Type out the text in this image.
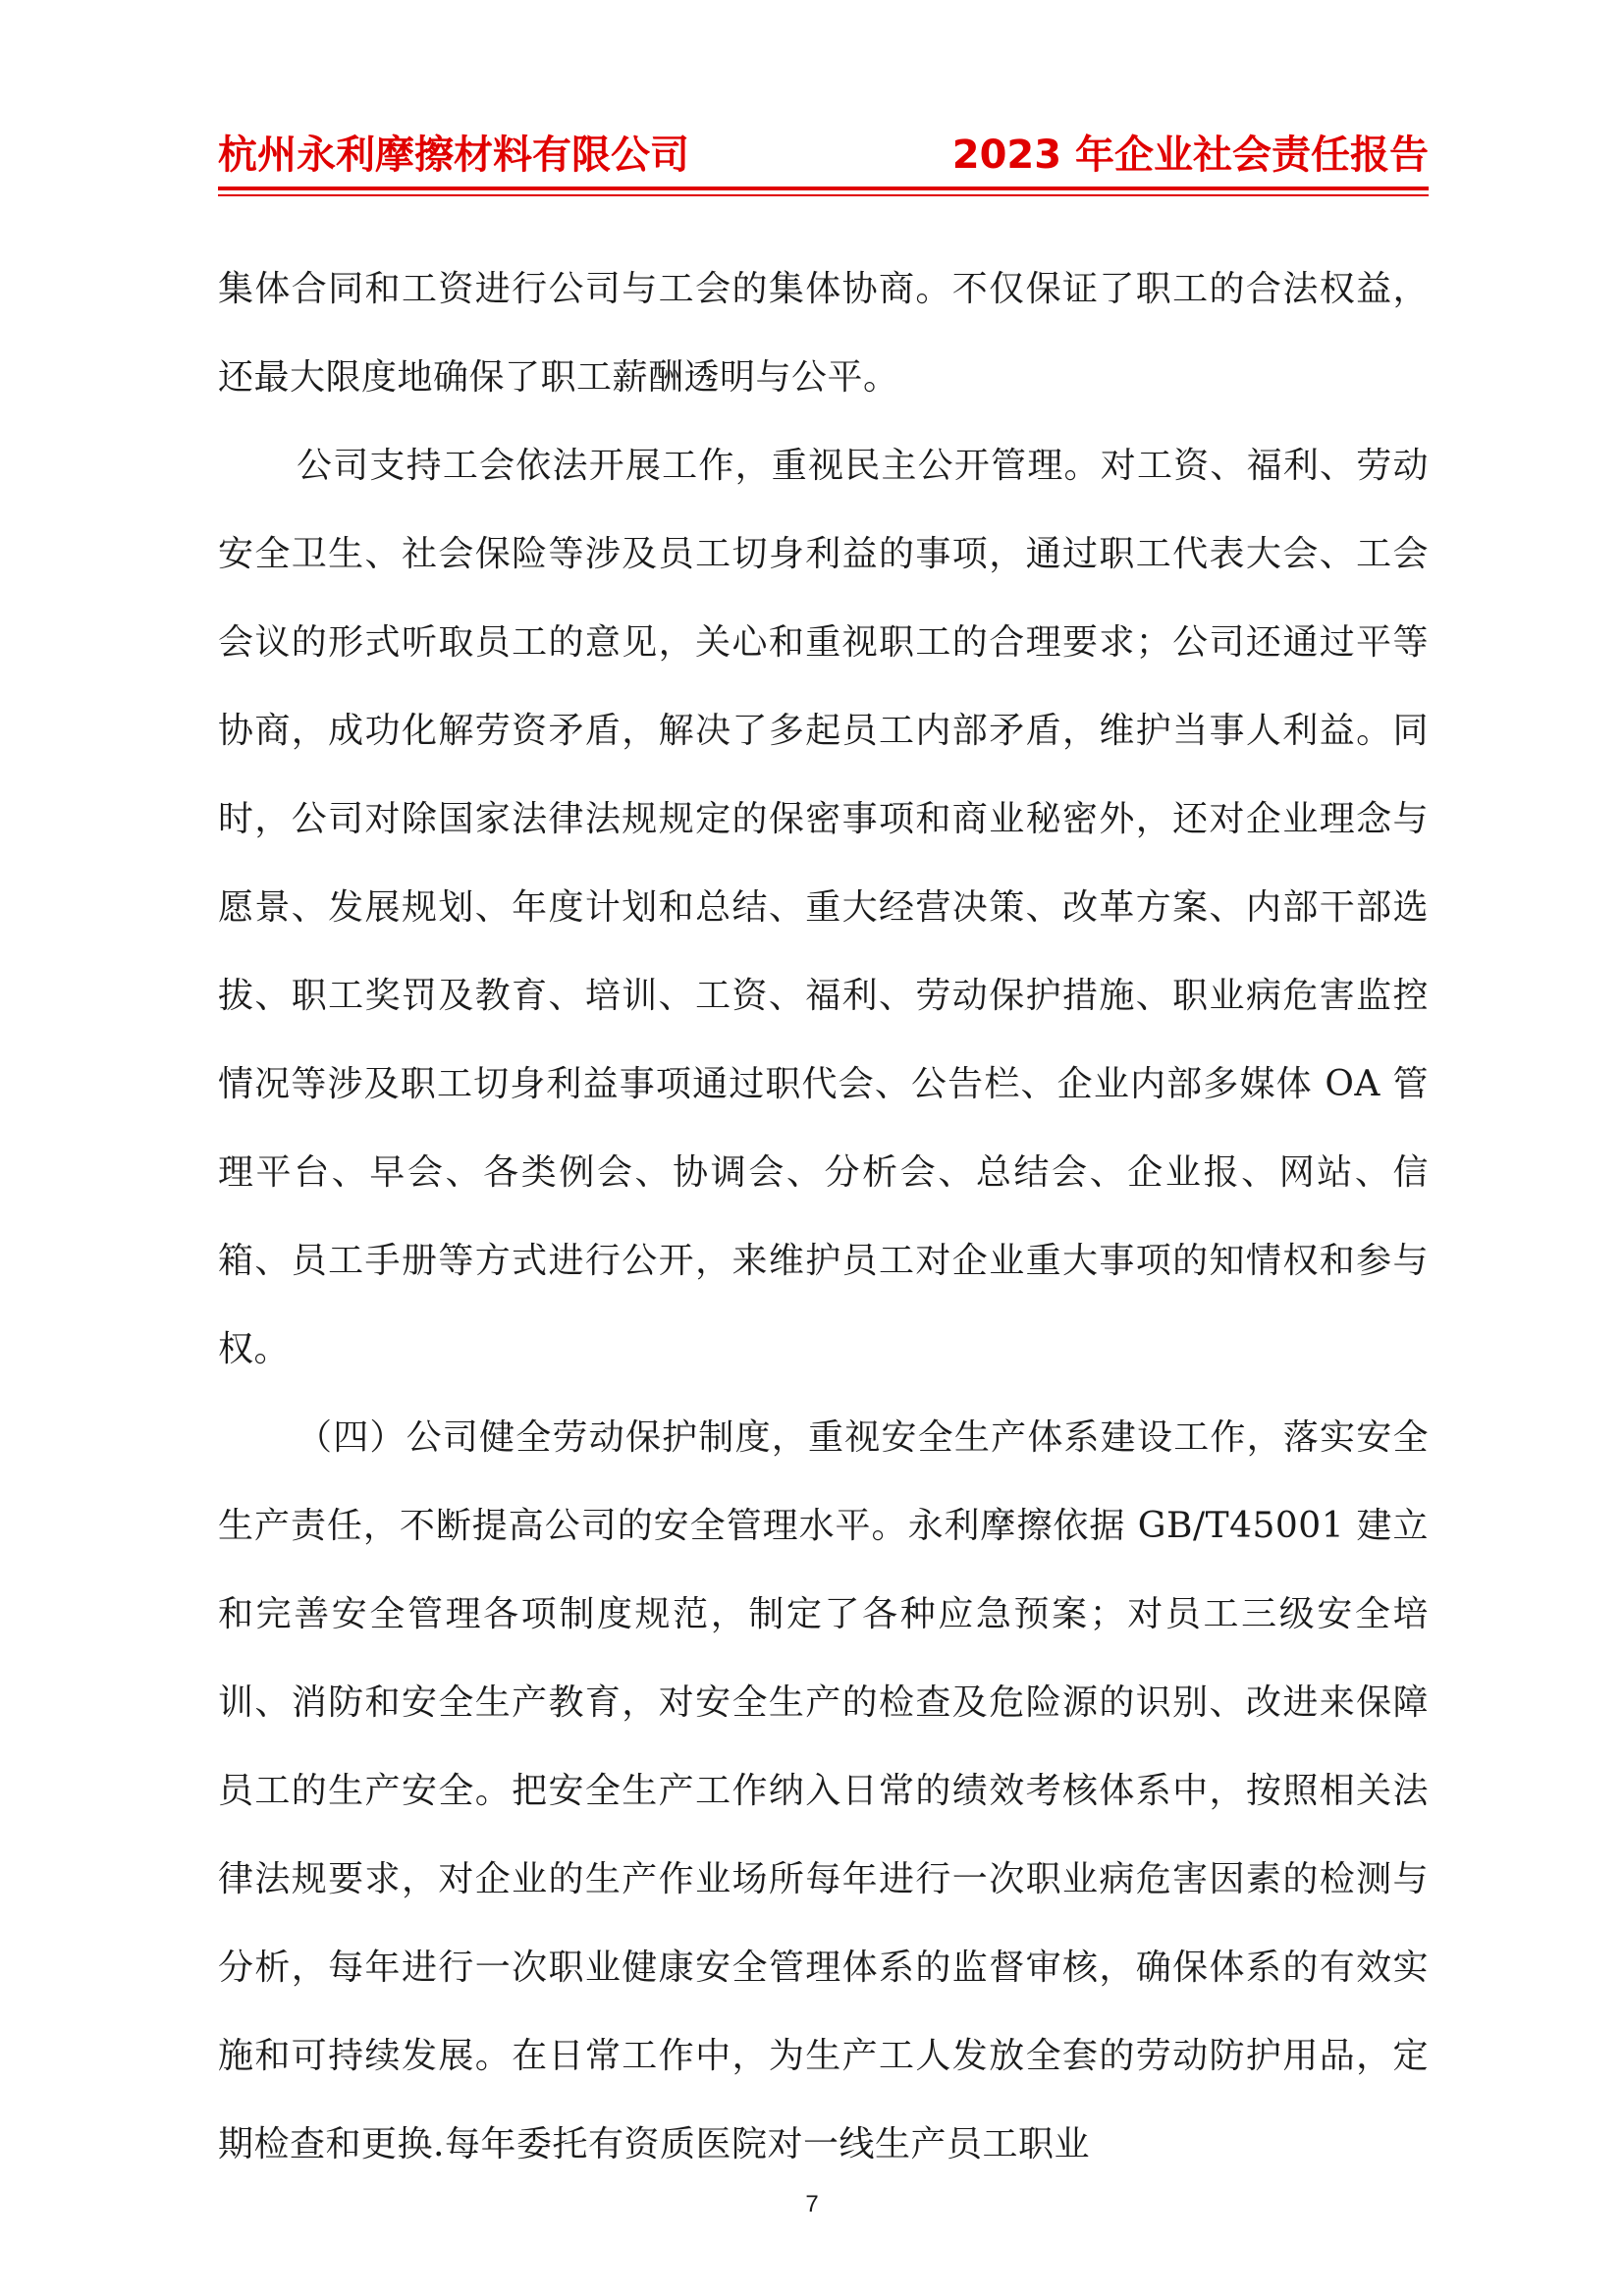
杭州永利摩擦材料有限公司	2023 年企业社会责任报告

集体合同和工资进行公司与工会的集体协商。不仅保证了职工的合法权益，还最大限度地确保了职工薪酬透明与公平。

公司支持工会依法开展工作，重视民主公开管理。对工资、福利、劳动安全卫生、社会保险等涉及员工切身利益的事项，通过职工代表大会、工会会议的形式听取员工的意见，关心和重视职工的合理要求；公司还通过平等协商，成功化解劳资矛盾，解决了多起员工内部矛盾，维护当事人利益。同时，公司对除国家法律法规规定的保密事项和商业秘密外，还对企业理念与愿景、发展规划、年度计划和总结、重大经营决策、改革方案、内部干部选拔、职工奖罚及教育、培训、工资、福利、劳动保护措施、职业病危害监控情况等涉及职工切身利益事项通过职代会、公告栏、企业内部多媒体 OA 管理平台、早会、各类例会、协调会、分析会、总结会、企业报、网站、信箱、员工手册等方式进行公开，来维护员工对企业重大事项的知情权和参与权。

（四）公司健全劳动保护制度，重视安全生产体系建设工作，落实安全生产责任，不断提高公司的安全管理水平。永利摩擦依据 GB/T45001 建立和完善安全管理各项制度规范，制定了各种应急预案；对员工三级安全培训、消防和安全生产教育，对安全生产的检查及危险源的识别、改进来保障员工的生产安全。把安全生产工作纳入日常的绩效考核体系中，按照相关法律法规要求，对企业的生产作业场所每年进行一次职业病危害因素的检测与分析，每年进行一次职业健康安全管理体系的监督审核，确保体系的有效实施和可持续发展。在日常工作中，为生产工人发放全套的劳动防护用品，定期检查和更换.每年委托有资质医院对一线生产员工职业

7
